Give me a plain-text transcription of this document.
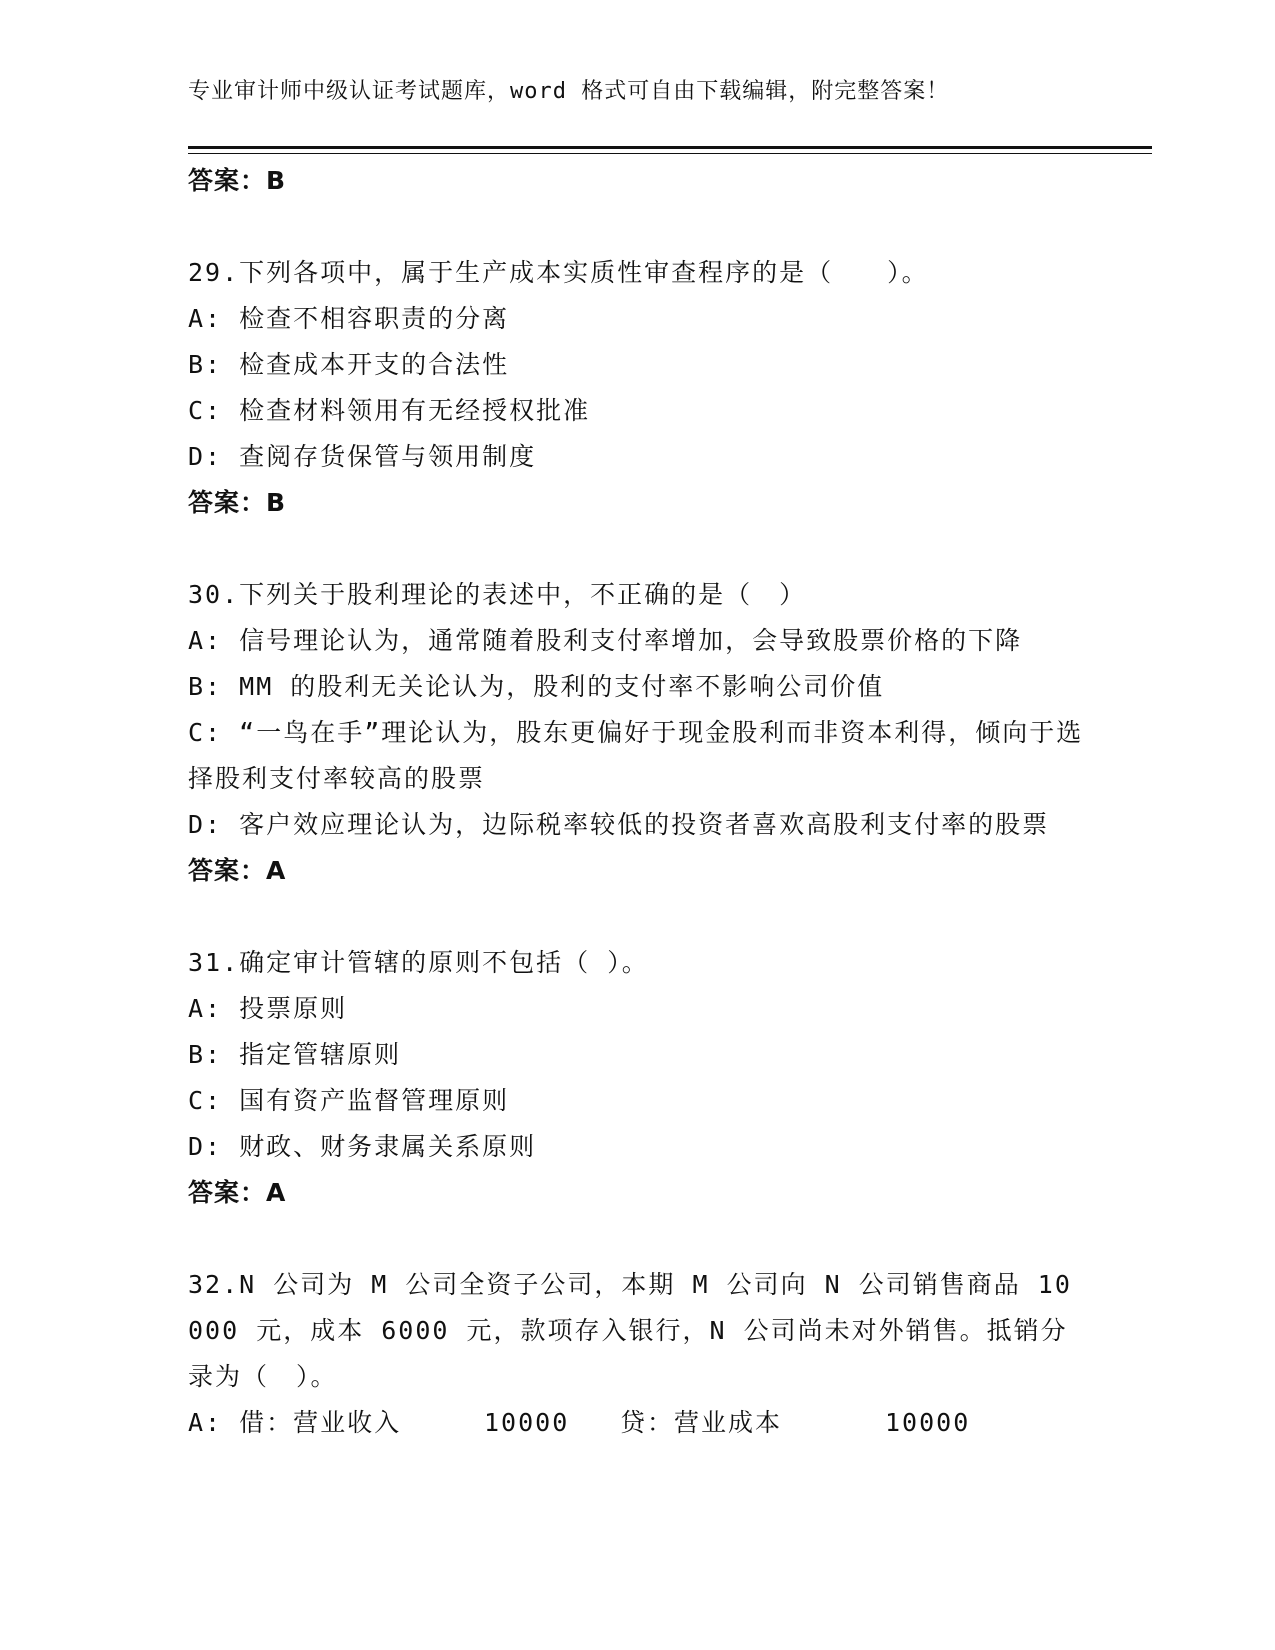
专业审计师中级认证考试题库，word 格式可自由下载编辑，附完整答案！
答案：B
29.下列各项中，属于生产成本实质性审查程序的是（　　）。
A: 检查不相容职责的分离
B: 检查成本开支的合法性
C: 检查材料领用有无经授权批准
D: 查阅存货保管与领用制度
答案：B
30.下列关于股利理论的表述中，不正确的是（　）
A: 信号理论认为，通常随着股利支付率增加，会导致股票价格的下降
B: MM 的股利无关论认为，股利的支付率不影响公司价值
C: “一鸟在手”理论认为，股东更偏好于现金股利而非资本利得，倾向于选择股利支付率较高的股票
D: 客户效应理论认为，边际税率较低的投资者喜欢高股利支付率的股票
答案：A
31.确定审计管辖的原则不包括（ ）。
A: 投票原则
B: 指定管辖原则
C: 国有资产监督管理原则
D: 财政、财务隶属关系原则
答案：A
32.N 公司为 M 公司全资子公司，本期 M 公司向 N 公司销售商品 10000 元，成本 6000 元，款项存入银行，N 公司尚未对外销售。抵销分录为（　）。
A: 借：营业收入	10000 贷：营业成本	10000
